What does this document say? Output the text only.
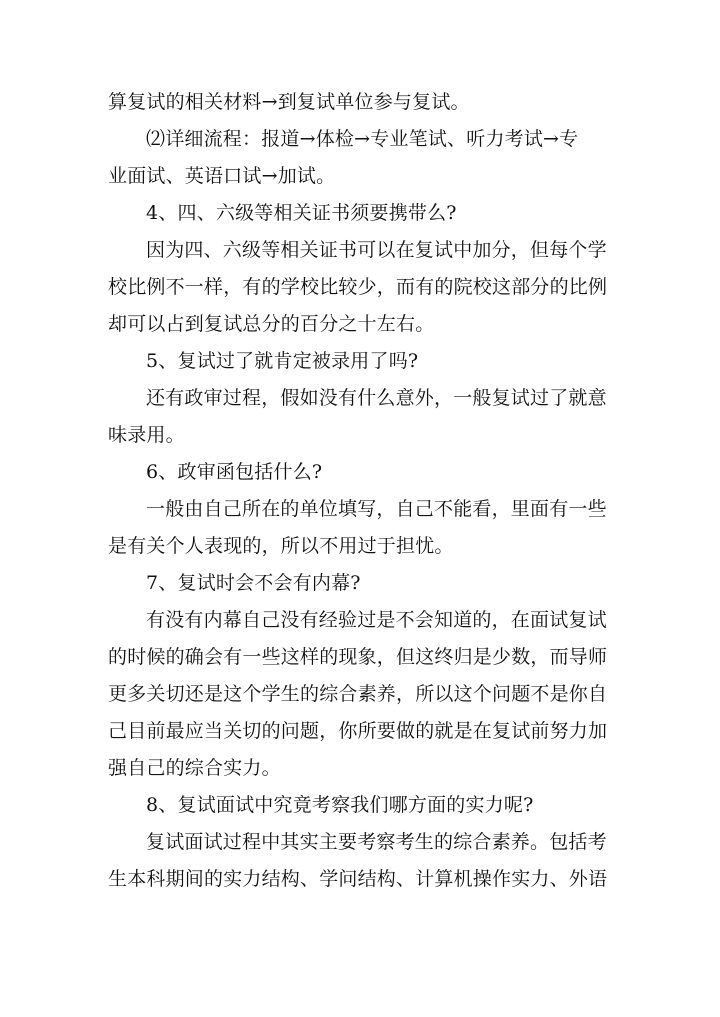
算复试的相关材料→到复试单位参与复试。
⑵详细流程：报道→体检→专业笔试、听力考试→专
业面试、英语口试→加试。
4、四、六级等相关证书须要携带么?
因为四、六级等相关证书可以在复试中加分，但每个学
校比例不一样，有的学校比较少，而有的院校这部分的比例
却可以占到复试总分的百分之十左右。
5、复试过了就肯定被录用了吗?
还有政审过程，假如没有什么意外，一般复试过了就意
味录用。
6、政审函包括什么?
一般由自己所在的单位填写，自己不能看，里面有一些
是有关个人表现的，所以不用过于担忧。
7、复试时会不会有内幕?
有没有内幕自己没有经验过是不会知道的，在面试复试
的时候的确会有一些这样的现象，但这终归是少数，而导师
更多关切还是这个学生的综合素养，所以这个问题不是你自
己目前最应当关切的问题，你所要做的就是在复试前努力加
强自己的综合实力。
8、复试面试中究竟考察我们哪方面的实力呢?
复试面试过程中其实主要考察考生的综合素养。包括考
生本科期间的实力结构、学问结构、计算机操作实力、外语
